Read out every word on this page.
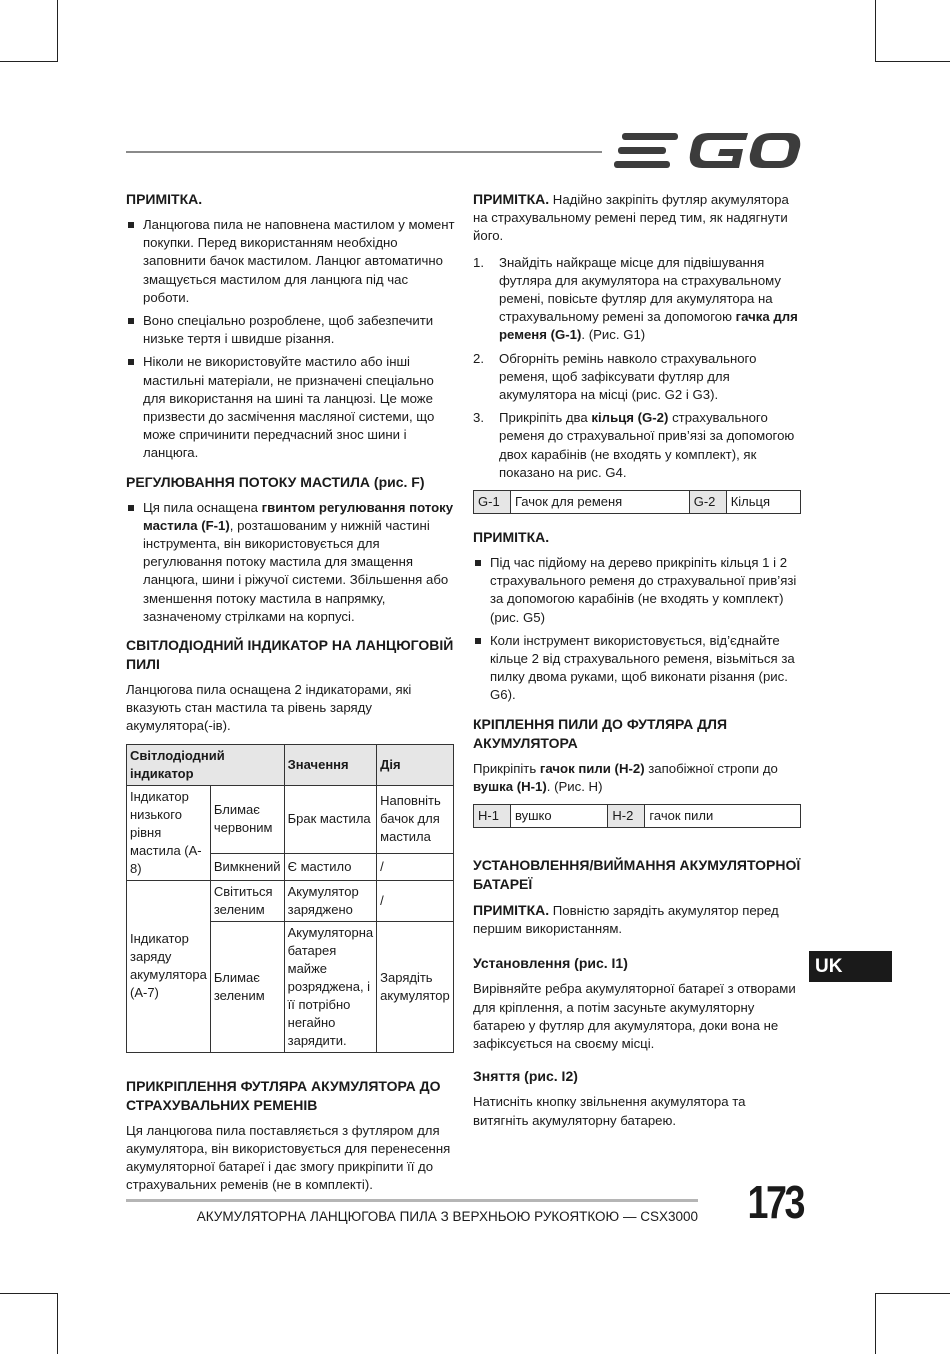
ПРИМІТКА.
Ланцюгова пила не наповнена мастилом у момент покупки. Перед використанням необхідно заповнити бачок мастилом. Ланцюг автоматично змащується мастилом для ланцюга під час роботи.
Воно спеціально розроблене, щоб забезпечити низьке тертя і швидше різання.
Ніколи не використовуйте мастило або інші мастильні матеріали, не призначені спеціально для використання на шині та ланцюзі. Це може призвести до засмічення масляної системи, що може спричинити передчасний знос шини і ланцюга.
РЕГУЛЮВАННЯ ПОТОКУ МАСТИЛА (рис. F)
Ця пила оснащена гвинтом регулювання потоку мастила (F-1), розташованим у нижній частині інструмента, він використовується для регулювання потоку мастила для змащення ланцюга, шини і ріжучої системи. Збільшення або зменшення потоку мастила в напрямку, зазначеному стрілками на корпусі.
СВІТЛОДІОДНИЙ ІНДИКАТОР НА ЛАНЦЮГОВІЙ ПИЛІ

Ланцюгова пила оснащена 2 індикаторами, які вказують стан мастила та рівень заряду акумулятора(-ів).

Світлодіодний індикатор		Значення	Дія
Індикатор низького рівня мастила (A-8)	Блимає червоним	Брак мастила	Наповніть бачок для мастила
	Вимкнений	Є мастило	/
Індикатор заряду акумулятора (A-7)	Світиться зеленим	Акумулятор заряджено	/
	Блимає зеленим	Акумуляторна батарея майже розряджена, і її потрібно негайно зарядити.	Зарядіть акумулятор
ПРИКРІПЛЕННЯ ФУТЛЯРА АКУМУЛЯТОРА ДО СТРАХУВАЛЬНИХ РЕМЕНІВ

Ця ланцюгова пила поставляється з футляром для акумулятора, він використовується для перенесення акумуляторної батареї і дає змогу прикріпити її до страхувальних ременів (не в комплекті).

ПРИМІТКА. Надійно закріпіть футляр акумулятора на страхувальному ремені перед тим, як надягнути його.

1. Знайдіть найкраще місце для підвішування футляра для акумулятора на страхувальному ремені, повісьте футляр для акумулятора на страхувальному ремені за допомогою гачка для ременя (G-1). (Рис. G1)
2. Обгорніть ремінь навколо страхувального ременя, щоб зафіксувати футляр для акумулятора на місці (рис. G2 і G3).
3. Прикріпіть два кільця (G-2) страхувального ременя до страхувальної прив’язі за допомогою двох карабінів (не входять у комплект), як показано на рис. G4.
G-1	Гачок для ременя	G-2	Кільця
ПРИМІТКА.
Під час підйому на дерево прикріпіть кільця 1 і 2 страхувального ременя до страхувальної прив’язі за допомогою карабінів (не входять у комплект) (рис. G5)
Коли інструмент використовується, від’єднайте кільце 2 від страхувального ременя, візьміться за пилку двома руками, щоб виконати різання (рис. G6).
КРІПЛЕННЯ ПИЛИ ДО ФУТЛЯРА ДЛЯ АКУМУЛЯТОРА

Прикріпіть гачок пили (H-2) запобіжної стропи до вушка (H-1). (Рис. H)

H-1	вушко	H-2	гачок пили
УСТАНОВЛЕННЯ/ВИЙМАННЯ АКУМУЛЯТОРНОЇ БАТАРЕЇ

ПРИМІТКА. Повністю зарядіть акумулятор перед першим використанням.

Установлення (рис. I1)

Вирівняйте ребра акумуляторної батареї з отворами для кріплення, а потім засуньте акумуляторну батарею у футляр для акумулятора, доки вона не зафіксується на своєму місці.

Зняття (рис. I2)

Натисніть кнопку звільнення акумулятора та витягніть акумуляторну батарею.

UK
АКУМУЛЯТОРНА ЛАНЦЮГОВА ПИЛА З ВЕРХНЬОЮ РУКОЯТКОЮ — CSX3000 173
